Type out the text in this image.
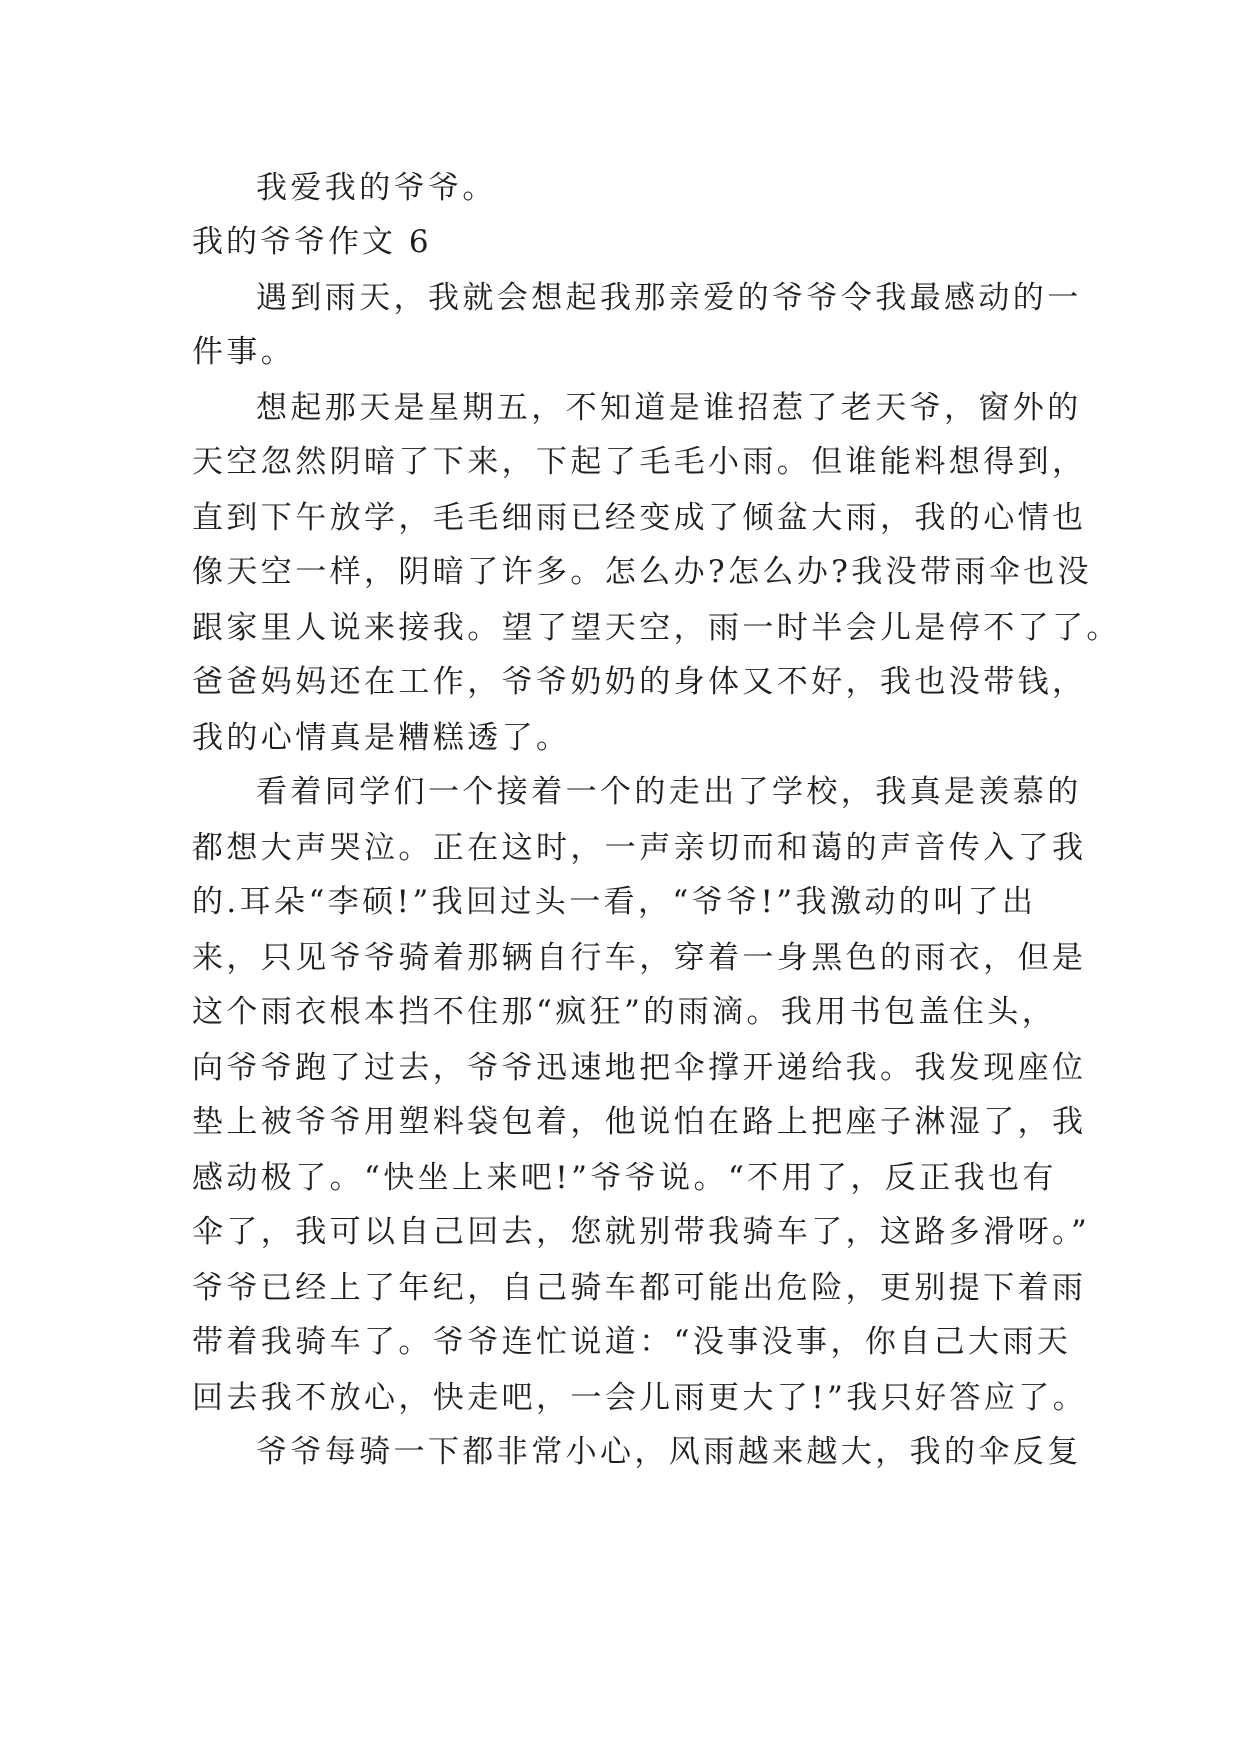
我爱我的爷爷。
我的爷爷作文 6
遇到雨天，我就会想起我那亲爱的爷爷令我最感动的一
件事。
想起那天是星期五，不知道是谁招惹了老天爷，窗外的
天空忽然阴暗了下来，下起了毛毛小雨。但谁能料想得到，
直到下午放学，毛毛细雨已经变成了倾盆大雨，我的心情也
像天空一样，阴暗了许多。怎么办?怎么办?我没带雨伞也没
跟家里人说来接我。望了望天空，雨一时半会儿是停不了了。
爸爸妈妈还在工作，爷爷奶奶的身体又不好，我也没带钱，
我的心情真是糟糕透了。
看着同学们一个接着一个的走出了学校，我真是羡慕的
都想大声哭泣。正在这时，一声亲切而和蔼的声音传入了我
的.耳朵“李硕!”我回过头一看，“爷爷!”我激动的叫了出
来，只见爷爷骑着那辆自行车，穿着一身黑色的雨衣，但是
这个雨衣根本挡不住那“疯狂”的雨滴。我用书包盖住头，
向爷爷跑了过去，爷爷迅速地把伞撑开递给我。我发现座位
垫上被爷爷用塑料袋包着，他说怕在路上把座子淋湿了，我
感动极了。“快坐上来吧!”爷爷说。“不用了，反正我也有
伞了，我可以自己回去，您就别带我骑车了，这路多滑呀。”
爷爷已经上了年纪，自己骑车都可能出危险，更别提下着雨
带着我骑车了。爷爷连忙说道：“没事没事，你自己大雨天
回去我不放心，快走吧，一会儿雨更大了!”我只好答应了。
爷爷每骑一下都非常小心，风雨越来越大，我的伞反复
